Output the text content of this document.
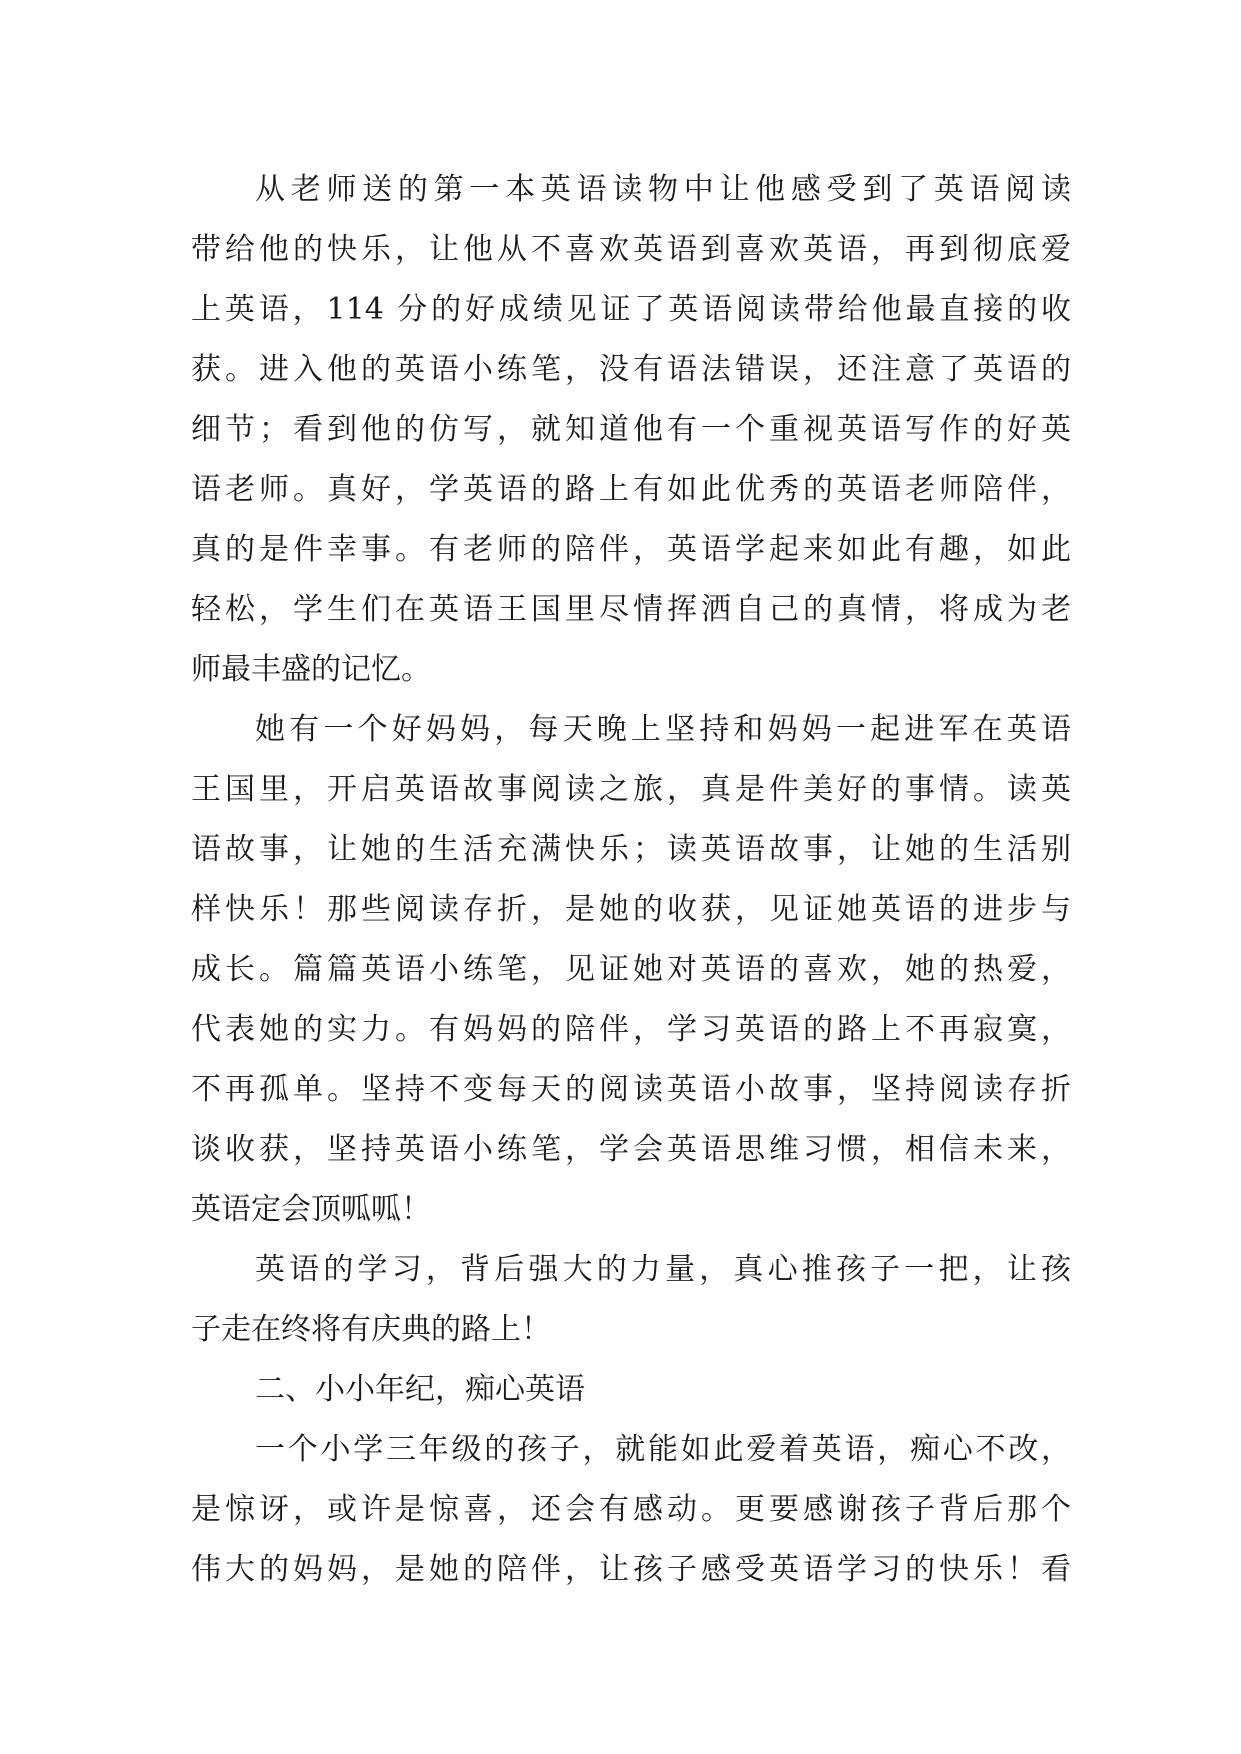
从老师送的第一本英语读物中让他感受到了英语阅读
带给他的快乐，让他从不喜欢英语到喜欢英语，再到彻底爱
上英语，114 分的好成绩见证了英语阅读带给他最直接的收
获。进入他的英语小练笔，没有语法错误，还注意了英语的
细节；看到他的仿写，就知道他有一个重视英语写作的好英
语老师。真好，学英语的路上有如此优秀的英语老师陪伴，
真的是件幸事。有老师的陪伴，英语学起来如此有趣，如此
轻松，学生们在英语王国里尽情挥洒自己的真情，将成为老
师最丰盛的记忆。
她有一个好妈妈，每天晚上坚持和妈妈一起进军在英语
王国里，开启英语故事阅读之旅，真是件美好的事情。读英
语故事，让她的生活充满快乐；读英语故事，让她的生活别
样快乐！那些阅读存折，是她的收获，见证她英语的进步与
成长。篇篇英语小练笔，见证她对英语的喜欢，她的热爱，
代表她的实力。有妈妈的陪伴，学习英语的路上不再寂寞，
不再孤单。坚持不变每天的阅读英语小故事，坚持阅读存折
谈收获，坚持英语小练笔，学会英语思维习惯，相信未来，
英语定会顶呱呱！
英语的学习，背后强大的力量，真心推孩子一把，让孩
子走在终将有庆典的路上！
二、小小年纪，痴心英语
一个小学三年级的孩子，就能如此爱着英语，痴心不改，
是惊讶，或许是惊喜，还会有感动。更要感谢孩子背后那个
伟大的妈妈，是她的陪伴，让孩子感受英语学习的快乐！看
